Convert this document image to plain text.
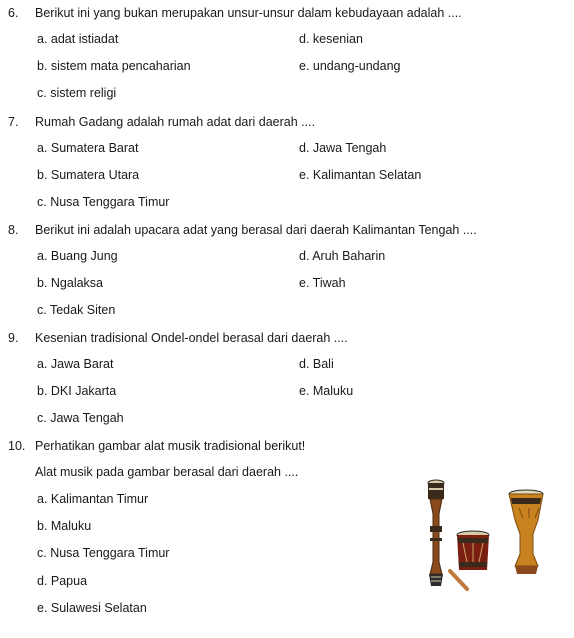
6. Berikut ini yang bukan merupakan unsur-unsur dalam kebudayaan adalah ....
a. adat istiadat
b. sistem mata pencaharian
c. sistem religi
d. kesenian
e. undang-undang
7. Rumah Gadang adalah rumah adat dari daerah ....
a. Sumatera Barat
b. Sumatera Utara
c. Nusa Tenggara Timur
d. Jawa Tengah
e. Kalimantan Selatan
8. Berikut ini adalah upacara adat yang berasal dari daerah Kalimantan Tengah ....
a. Buang Jung
b. Ngalaksa
c. Tedak Siten
d. Aruh Baharin
e. Tiwah
9. Kesenian tradisional Ondel-ondel berasal dari daerah ....
a. Jawa Barat
b. DKI Jakarta
c. Jawa Tengah
d. Bali
e. Maluku
10. Perhatikan gambar alat musik tradisional berikut!
Alat musik pada gambar berasal dari daerah ....
a. Kalimantan Timur
b. Maluku
c. Nusa Tenggara Timur
d. Papua
e. Sulawesi Selatan
